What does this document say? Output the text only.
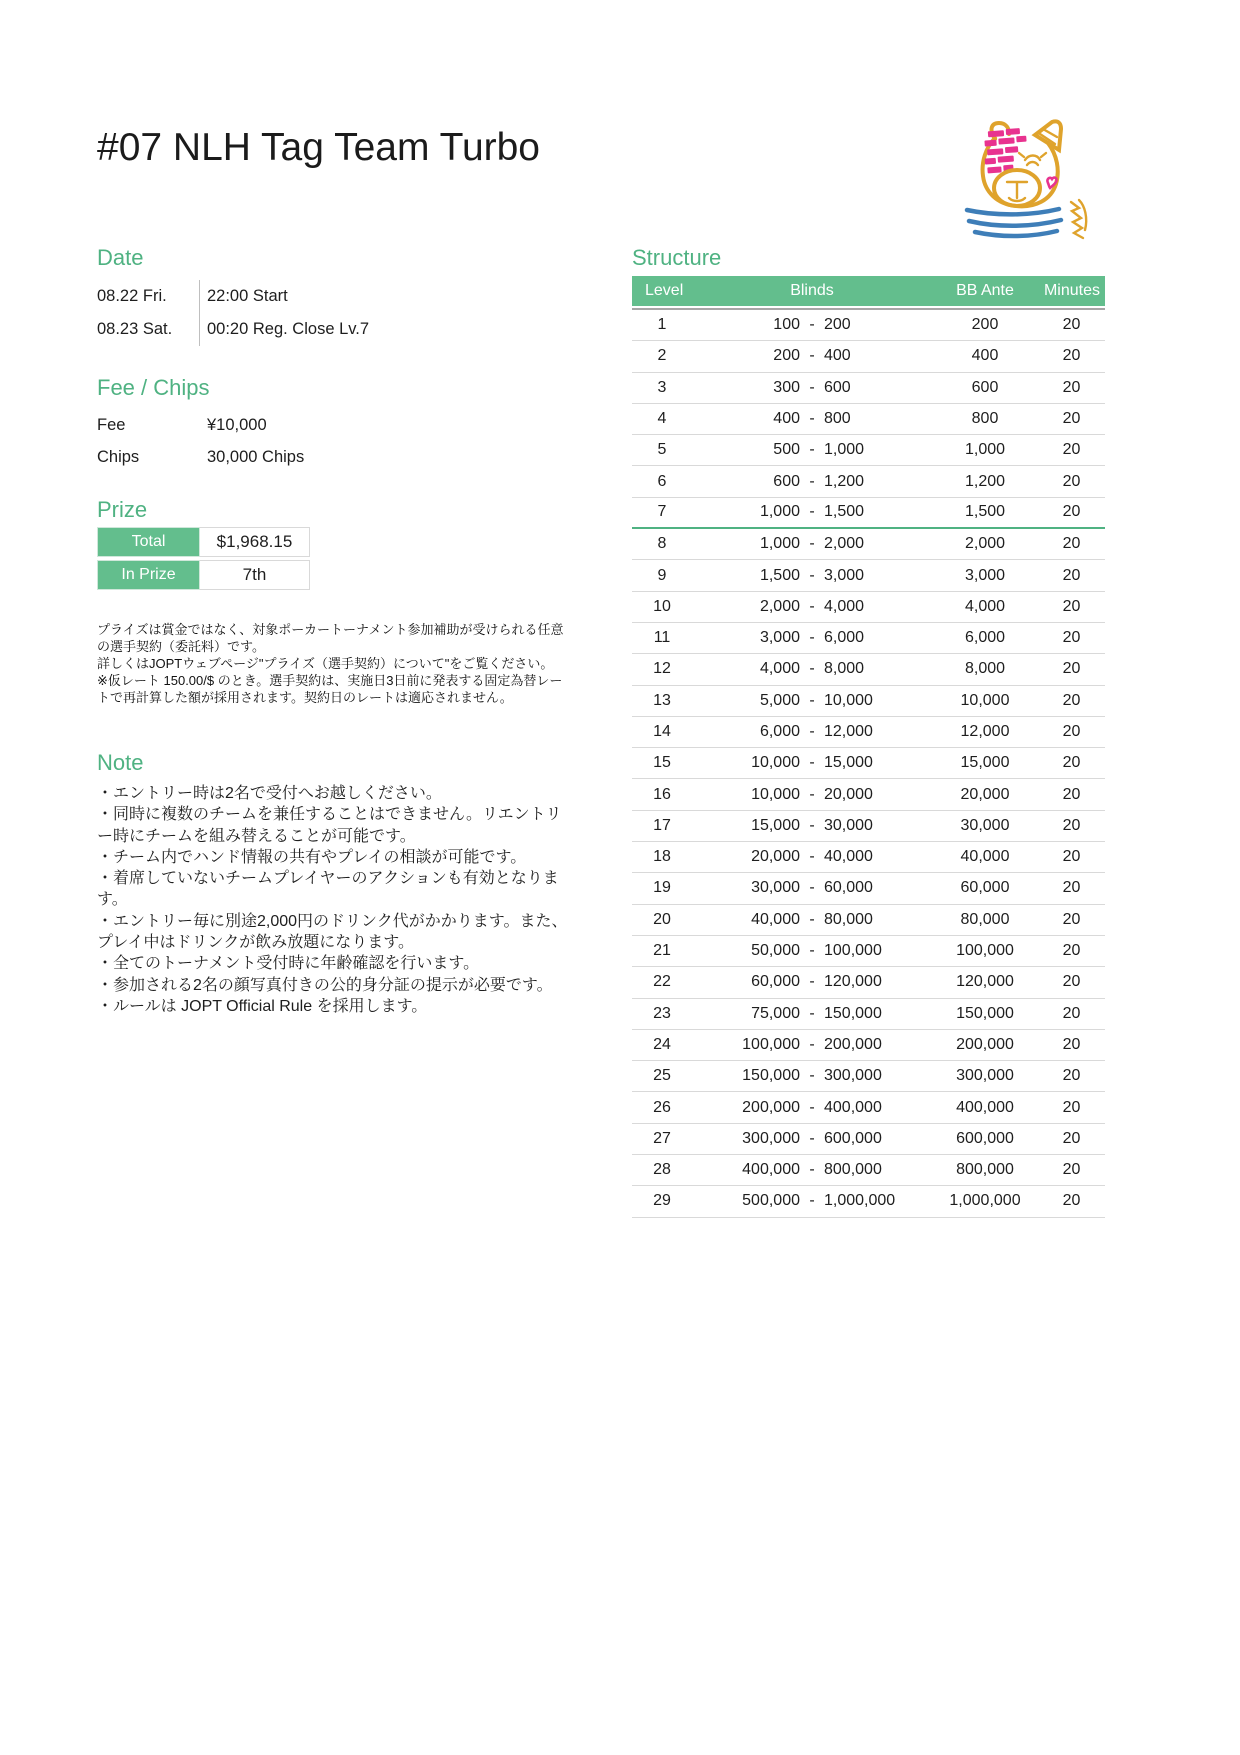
#07 NLH Tag Team Turbo
Date
08.22 Fri.	22:00 Start
08.23 Sat.	00:20 Reg. Close Lv.7
Fee / Chips
Fee	¥10,000
Chips	30,000 Chips
Prize
Total	$1,968.15
In Prize	7th

プライズは賞金ではなく、対象ポーカートーナメント参加補助が受けられる任意の選手契約（委託料）です。

詳しくはJOPTウェブページ"プライズ（選手契約）について"をご覧ください。

※仮レート 150.00/$ のとき。選手契約は、実施日3日前に発表する固定為替レートで再計算した額が採用されます。契約日のレートは適応されません。

Note
・エントリー時は2名で受付へお越しください。
・同時に複数のチームを兼任することはできません。リエントリー時にチームを組み替えることが可能です。
・チーム内でハンド情報の共有やプレイの相談が可能です。
・着席していないチームプレイヤーのアクションも有効となります。
・エントリー毎に別途2,000円のドリンク代がかかります。また、プレイ中はドリンクが飲み放題になります。
・全てのトーナメント受付時に年齢確認を行います。
・参加される2名の顔写真付きの公的身分証の提示が必要です。
・ルールは JOPT Official Rule を採用します。
Structure
Level	Blinds	BB Ante	Minutes
1	100 - 200	200	20
2	200 - 400	400	20
3	300 - 600	600	20
4	400 - 800	800	20
5	500 - 1,000	1,000	20
6	600 - 1,200	1,200	20
7	1,000 - 1,500	1,500	20
8	1,000 - 2,000	2,000	20
9	1,500 - 3,000	3,000	20
10	2,000 - 4,000	4,000	20
11	3,000 - 6,000	6,000	20
12	4,000 - 8,000	8,000	20
13	5,000 - 10,000	10,000	20
14	6,000 - 12,000	12,000	20
15	10,000 - 15,000	15,000	20
16	10,000 - 20,000	20,000	20
17	15,000 - 30,000	30,000	20
18	20,000 - 40,000	40,000	20
19	30,000 - 60,000	60,000	20
20	40,000 - 80,000	80,000	20
21	50,000 - 100,000	100,000	20
22	60,000 - 120,000	120,000	20
23	75,000 - 150,000	150,000	20
24	100,000 - 200,000	200,000	20
25	150,000 - 300,000	300,000	20
26	200,000 - 400,000	400,000	20
27	300,000 - 600,000	600,000	20
28	400,000 - 800,000	800,000	20
29	500,000 - 1,000,000	1,000,000	20
